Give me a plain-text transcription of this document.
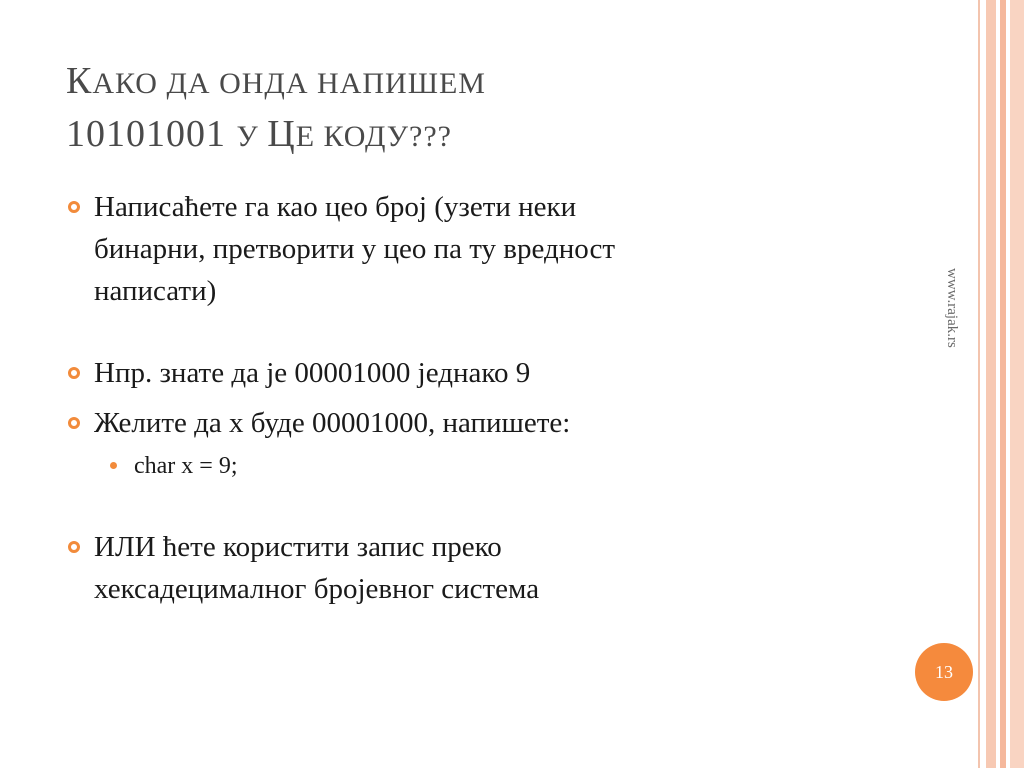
КАКО ДА ОНДА НАПИШЕМ
10101001 У ЦЕ КОДУ???
Написаћете га као цео број (узети неки
бинарни, претворити у цео па ту вредност
написати)
Нпр. знате да је 00001000 једнако 9
Желите да x буде 00001000, напишете:
char x = 9;
ИЛИ ћете користити запис преко
хексадецималног бројевног система
www.rajak.rs
13
